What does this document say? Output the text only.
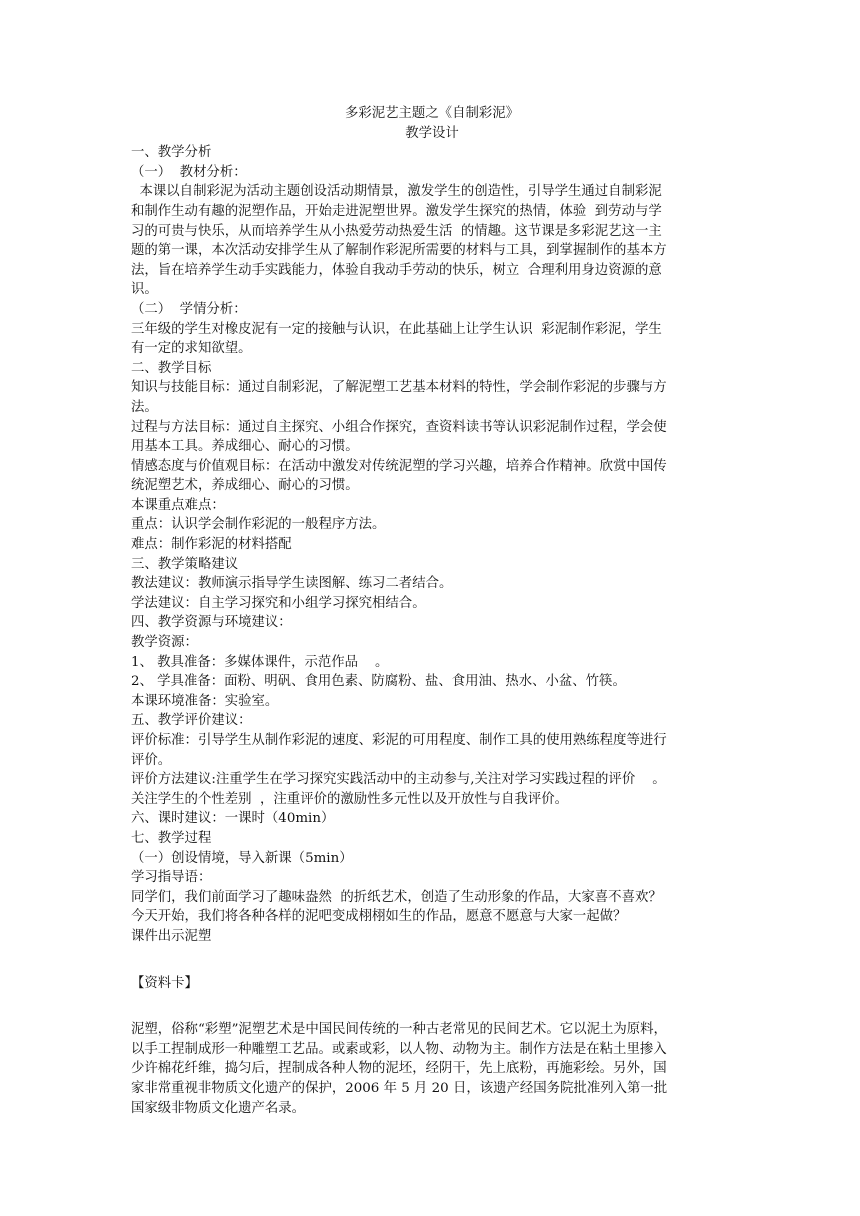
多彩泥艺主题之《自制彩泥》
教学设计
一、教学分析
（一）  教材分析：
本课以自制彩泥为活动主题创设活动期情景，激发学生的创造性，引导学生通过自制彩泥
和制作生动有趣的泥塑作品，开始走进泥塑世界。激发学生探究的热情，体验  到劳动与学
习的可贵与快乐，从而培养学生从小热爱劳动热爱生活  的情趣。这节课是多彩泥艺这一主
题的第一课，本次活动安排学生从了解制作彩泥所需要的材料与工具，到掌握制作的基本方
法，旨在培养学生动手实践能力，体验自我动手劳动的快乐，树立  合理利用身边资源的意
识。
（二）  学情分析：
三年级的学生对橡皮泥有一定的接触与认识，在此基础上让学生认识  彩泥制作彩泥，学生
有一定的求知欲望。
二、教学目标
知识与技能目标：通过自制彩泥，了解泥塑工艺基本材料的特性，学会制作彩泥的步骤与方
法。
过程与方法目标：通过自主探究、小组合作探究，查资料读书等认识彩泥制作过程，学会使
用基本工具。养成细心、耐心的习惯。
情感态度与价值观目标：在活动中激发对传统泥塑的学习兴趣，培养合作精神。欣赏中国传
统泥塑艺术，养成细心、耐心的习惯。
本课重点难点：
重点：认识学会制作彩泥的一般程序方法。
难点：制作彩泥的材料搭配
三、教学策略建议
教法建议：教师演示指导学生读图解、练习二者结合。
学法建议：自主学习探究和小组学习探究相结合。
四、教学资源与环境建议：
教学资源：
1、 教具准备：多媒体课件，示范作品    。
2、 学具准备：面粉、明矾、食用色素、防腐粉、盐、食用油、热水、小盆、竹筷。
本课环境准备：实验室。
五、教学评价建议：
评价标准：引导学生从制作彩泥的速度、彩泥的可用程度、制作工具的使用熟练程度等进行
评价。
评价方法建议:注重学生在学习探究实践活动中的主动参与,关注对学习实践过程的评价    。
关注学生的个性差别  ，注重评价的激励性多元性以及开放性与自我评价。
六、课时建议：一课时（40min）
七、教学过程
（一）创设情境，导入新课（5min）
学习指导语：
同学们，我们前面学习了趣味盎然  的折纸艺术，创造了生动形象的作品，大家喜不喜欢？
今天开始，我们将各种各样的泥吧变成栩栩如生的作品，愿意不愿意与大家一起做？
课件出示泥塑
【资料卡】
泥塑，俗称“彩塑”泥塑艺术是中国民间传统的一种古老常见的民间艺术。它以泥土为原料，
以手工捏制成形一种雕塑工艺品。或素或彩，以人物、动物为主。制作方法是在粘土里掺入
少许棉花纤维，捣匀后，捏制成各种人物的泥坯，经阴干，先上底粉，再施彩绘。另外，国
家非常重视非物质文化遗产的保护，2006 年 5 月 20 日，该遗产经国务院批准列入第一批
国家级非物质文化遗产名录。
